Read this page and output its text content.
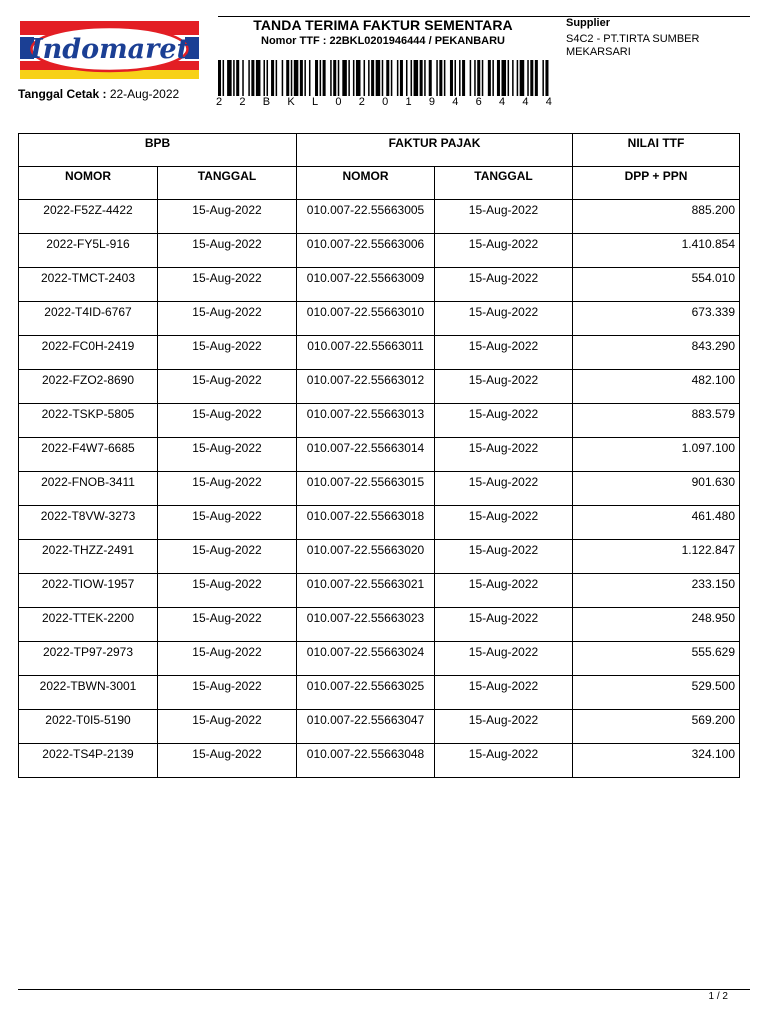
Indomaret
Tanggal Cetak : 22-Aug-2022
TANDA TERIMA FAKTUR SEMENTARA
Nomor TTF : 22BKL0201946444 / PEKANBARU
2 2 B K L 0 2 0 1 9 4 6 4 4 4
Supplier
S4C2 - PT.TIRTA SUMBER MEKARSARI
BPB		FAKTUR PAJAK		NILAI TTF
NOMOR	TANGGAL	NOMOR	TANGGAL	DPP + PPN
2022-F52Z-4422	15-Aug-2022	010.007-22.55663005	15-Aug-2022	885.200
2022-FY5L-916	15-Aug-2022	010.007-22.55663006	15-Aug-2022	1.410.854
2022-TMCT-2403	15-Aug-2022	010.007-22.55663009	15-Aug-2022	554.010
2022-T4ID-6767	15-Aug-2022	010.007-22.55663010	15-Aug-2022	673.339
2022-FC0H-2419	15-Aug-2022	010.007-22.55663011	15-Aug-2022	843.290
2022-FZO2-8690	15-Aug-2022	010.007-22.55663012	15-Aug-2022	482.100
2022-TSKP-5805	15-Aug-2022	010.007-22.55663013	15-Aug-2022	883.579
2022-F4W7-6685	15-Aug-2022	010.007-22.55663014	15-Aug-2022	1.097.100
2022-FNOB-3411	15-Aug-2022	010.007-22.55663015	15-Aug-2022	901.630
2022-T8VW-3273	15-Aug-2022	010.007-22.55663018	15-Aug-2022	461.480
2022-THZZ-2491	15-Aug-2022	010.007-22.55663020	15-Aug-2022	1.122.847
2022-TIOW-1957	15-Aug-2022	010.007-22.55663021	15-Aug-2022	233.150
2022-TTEK-2200	15-Aug-2022	010.007-22.55663023	15-Aug-2022	248.950
2022-TP97-2973	15-Aug-2022	010.007-22.55663024	15-Aug-2022	555.629
2022-TBWN-3001	15-Aug-2022	010.007-22.55663025	15-Aug-2022	529.500
2022-T0I5-5190	15-Aug-2022	010.007-22.55663047	15-Aug-2022	569.200
2022-TS4P-2139	15-Aug-2022	010.007-22.55663048	15-Aug-2022	324.100
1 / 2
